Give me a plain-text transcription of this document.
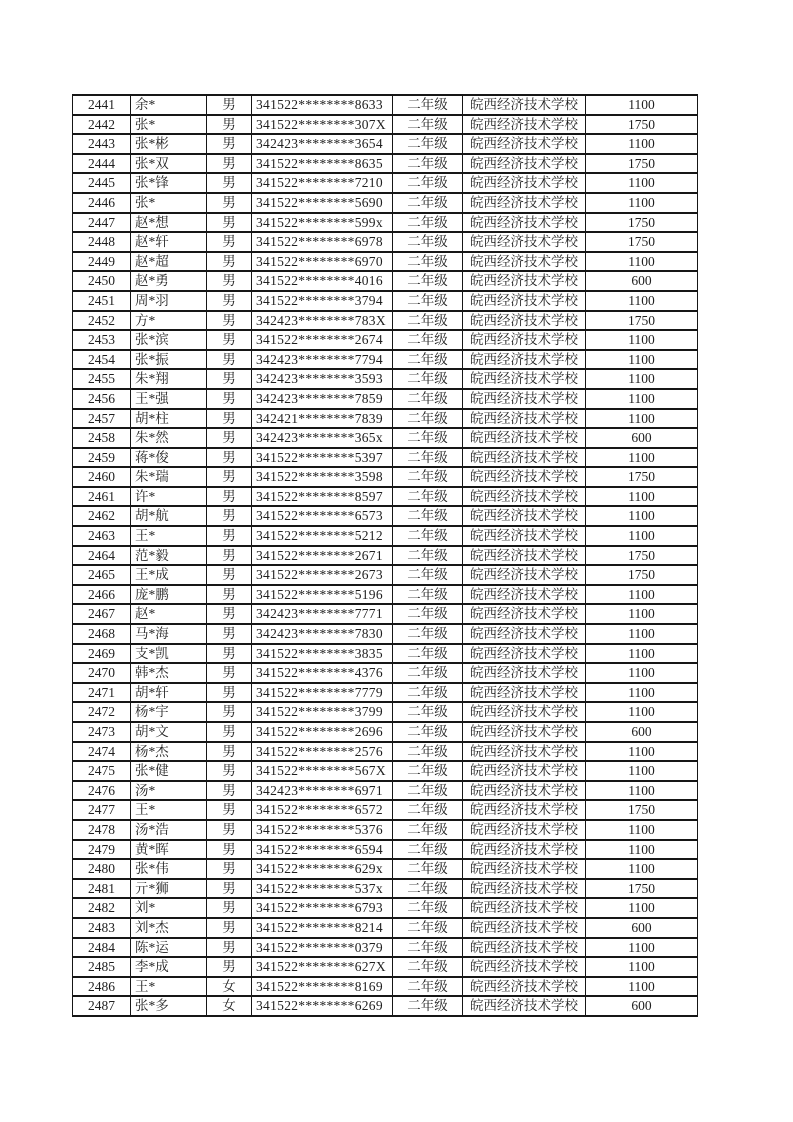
2441	余*	男	341522********8633	二年级	皖西经济技术学校	1100
2442	张*	男	341522********307X	二年级	皖西经济技术学校	1750
2443	张*彬	男	342423********3654	二年级	皖西经济技术学校	1100
2444	张*双	男	341522********8635	二年级	皖西经济技术学校	1750
2445	张*锋	男	341522********7210	二年级	皖西经济技术学校	1100
2446	张*	男	341522********5690	二年级	皖西经济技术学校	1100
2447	赵*想	男	341522********599x	二年级	皖西经济技术学校	1750
2448	赵*轩	男	341522********6978	二年级	皖西经济技术学校	1750
2449	赵*超	男	341522********6970	二年级	皖西经济技术学校	1100
2450	赵*勇	男	341522********4016	二年级	皖西经济技术学校	600
2451	周*羽	男	341522********3794	二年级	皖西经济技术学校	1100
2452	方*	男	342423********783X	二年级	皖西经济技术学校	1750
2453	张*滨	男	341522********2674	二年级	皖西经济技术学校	1100
2454	张*振	男	342423********7794	二年级	皖西经济技术学校	1100
2455	朱*翔	男	342423********3593	二年级	皖西经济技术学校	1100
2456	王*强	男	342423********7859	二年级	皖西经济技术学校	1100
2457	胡*柱	男	342421********7839	二年级	皖西经济技术学校	1100
2458	朱*然	男	342423********365x	二年级	皖西经济技术学校	600
2459	蒋*俊	男	341522********5397	二年级	皖西经济技术学校	1100
2460	朱*瑞	男	341522********3598	二年级	皖西经济技术学校	1750
2461	许*	男	341522********8597	二年级	皖西经济技术学校	1100
2462	胡*航	男	341522********6573	二年级	皖西经济技术学校	1100
2463	王*	男	341522********5212	二年级	皖西经济技术学校	1100
2464	范*毅	男	341522********2671	二年级	皖西经济技术学校	1750
2465	王*成	男	341522********2673	二年级	皖西经济技术学校	1750
2466	庞*鹏	男	341522********5196	二年级	皖西经济技术学校	1100
2467	赵*	男	342423********7771	二年级	皖西经济技术学校	1100
2468	马*海	男	342423********7830	二年级	皖西经济技术学校	1100
2469	支*凯	男	341522********3835	二年级	皖西经济技术学校	1100
2470	韩*杰	男	341522********4376	二年级	皖西经济技术学校	1100
2471	胡*轩	男	341522********7779	二年级	皖西经济技术学校	1100
2472	杨*宇	男	341522********3799	二年级	皖西经济技术学校	1100
2473	胡*文	男	341522********2696	二年级	皖西经济技术学校	600
2474	杨*杰	男	341522********2576	二年级	皖西经济技术学校	1100
2475	张*健	男	341522********567X	二年级	皖西经济技术学校	1100
2476	汤*	男	342423********6971	二年级	皖西经济技术学校	1100
2477	王*	男	341522********6572	二年级	皖西经济技术学校	1750
2478	汤*浩	男	341522********5376	二年级	皖西经济技术学校	1100
2479	黄*晖	男	341522********6594	二年级	皖西经济技术学校	1100
2480	张*伟	男	341522********629x	二年级	皖西经济技术学校	1100
2481	亓*狮	男	341522********537x	二年级	皖西经济技术学校	1750
2482	刘*	男	341522********6793	二年级	皖西经济技术学校	1100
2483	刘*杰	男	341522********8214	二年级	皖西经济技术学校	600
2484	陈*运	男	341522********0379	二年级	皖西经济技术学校	1100
2485	李*成	男	341522********627X	二年级	皖西经济技术学校	1100
2486	王*	女	341522********8169	二年级	皖西经济技术学校	1100
2487	张*多	女	341522********6269	二年级	皖西经济技术学校	600
